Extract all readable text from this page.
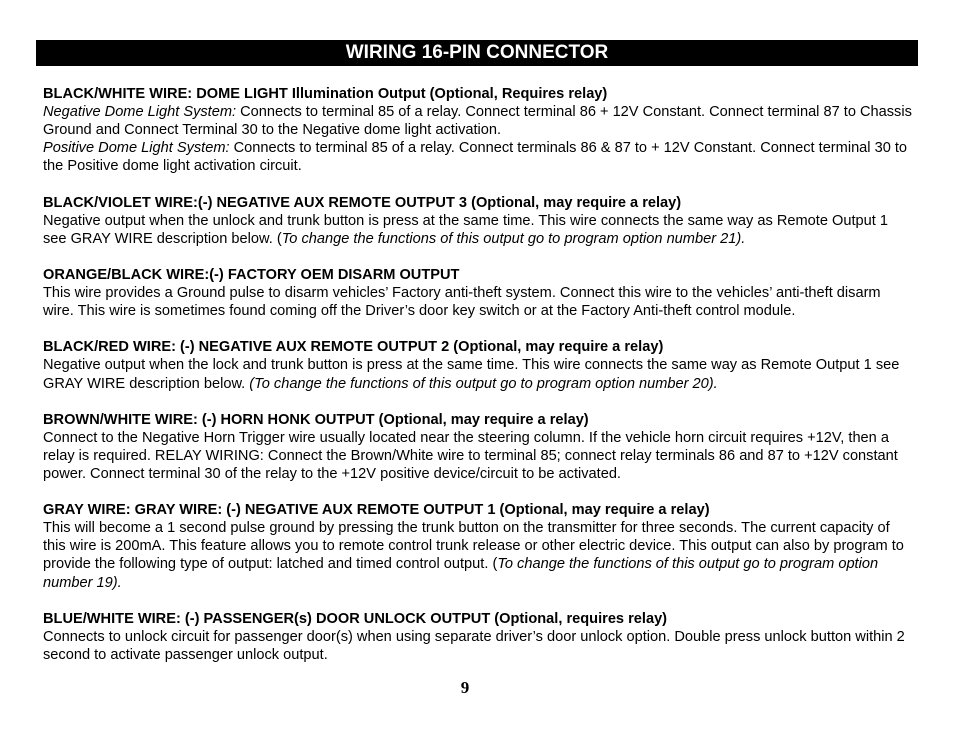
WIRING 16-PIN CONNECTOR

BLACK/WHITE WIRE: DOME LIGHT Illumination Output (Optional, Requires relay)

Negative Dome Light System: Connects to terminal 85 of a relay. Connect terminal 86 + 12V Constant. Connect terminal 87 to Chassis Ground and Connect Terminal 30 to the Negative dome light activation.

Positive Dome Light System: Connects to terminal 85 of a relay. Connect terminals 86 & 87 to + 12V Constant. Connect terminal 30 to the Positive dome light activation circuit.

BLACK/VIOLET WIRE:(-) NEGATIVE AUX REMOTE OUTPUT 3 (Optional, may require a relay)

Negative output when the unlock and trunk button is press at the same time. This wire connects the same way as Remote Output 1 see GRAY WIRE description below. (To change the functions of this output go to program option number 21).

ORANGE/BLACK WIRE:(-) FACTORY OEM DISARM OUTPUT

This wire provides a Ground pulse to disarm vehicles’ Factory anti-theft system. Connect this wire to the vehicles’ anti-theft disarm wire. This wire is sometimes found coming off the Driver’s door key switch or at the Factory Anti-theft control module.

BLACK/RED WIRE: (-) NEGATIVE AUX REMOTE OUTPUT 2 (Optional, may require a relay)

Negative output when the lock and trunk button is press at the same time. This wire connects the same way as Remote Output 1 see GRAY WIRE description below. (To change the functions of this output go to program option number 20).

BROWN/WHITE WIRE: (-) HORN HONK OUTPUT (Optional, may require a relay)

Connect to the Negative Horn Trigger wire usually located near the steering column. If the vehicle horn circuit requires +12V, then a relay is required. RELAY WIRING: Connect the Brown/White wire to terminal 85; connect relay terminals 86 and 87 to +12V constant power. Connect terminal 30 of the relay to the +12V positive device/circuit to be activated.

GRAY WIRE: GRAY WIRE: (-) NEGATIVE AUX REMOTE OUTPUT 1 (Optional, may require a relay)

This will become a 1 second pulse ground by pressing the trunk button on the transmitter for three seconds. The current capacity of this wire is 200mA. This feature allows you to remote control trunk release or other electric device. This output can also by program to provide the following type of output: latched and timed control output. (To change the functions of this output go to program option number 19).

BLUE/WHITE WIRE: (-) PASSENGER(s) DOOR UNLOCK OUTPUT (Optional, requires relay)

Connects to unlock circuit for passenger door(s) when using separate driver’s door unlock option. Double press unlock button within 2 second to activate passenger unlock output.

9
